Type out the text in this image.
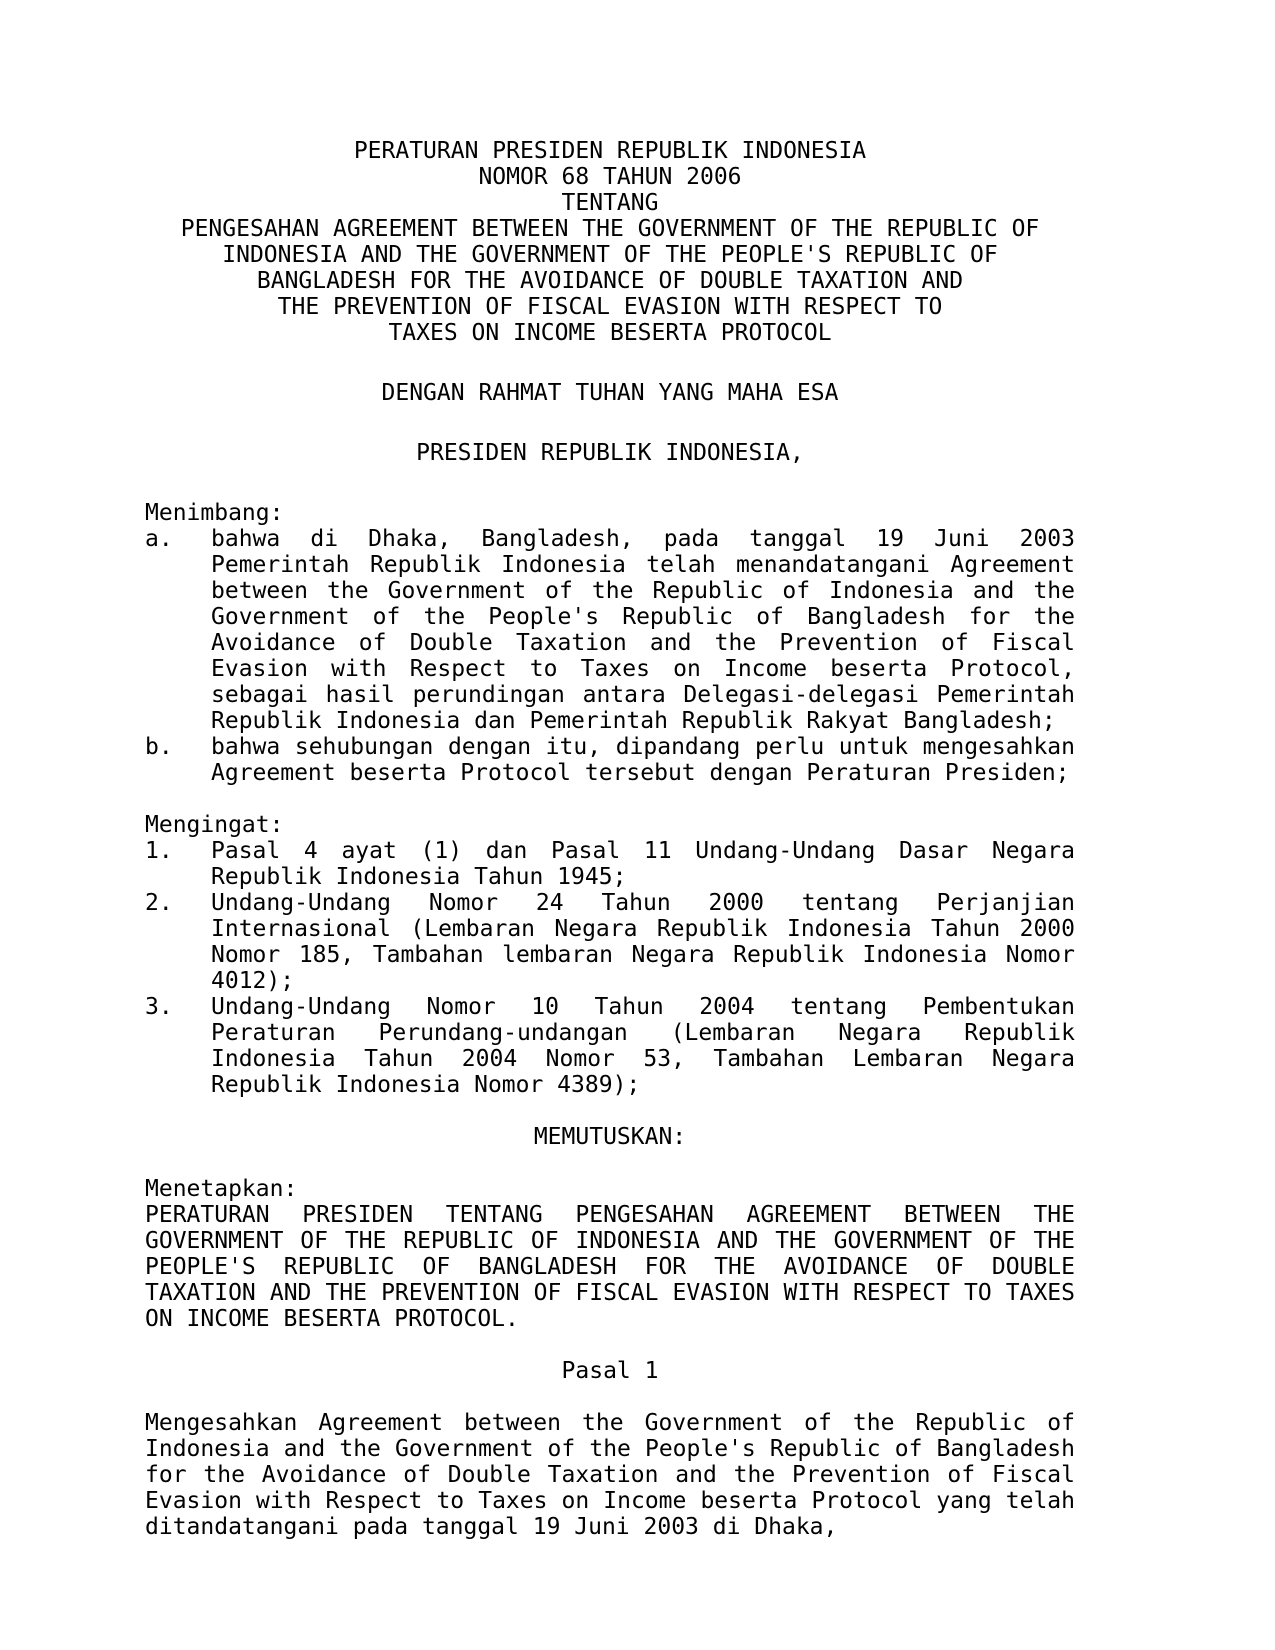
PERATURAN PRESIDEN REPUBLIK INDONESIA
NOMOR 68 TAHUN 2006
TENTANG
PENGESAHAN AGREEMENT BETWEEN THE GOVERNMENT OF THE REPUBLIC OF
INDONESIA AND THE GOVERNMENT OF THE PEOPLE'S REPUBLIC OF
BANGLADESH FOR THE AVOIDANCE OF DOUBLE TAXATION AND
THE PREVENTION OF FISCAL EVASION WITH RESPECT TO
TAXES ON INCOME BESERTA PROTOCOL
DENGAN RAHMAT TUHAN YANG MAHA ESA
PRESIDEN REPUBLIK INDONESIA,
Menimbang:
a.	bahwa di Dhaka, Bangladesh, pada tanggal 19 Juni 2003 Pemerintah Republik Indonesia telah menandatangani Agreement between the Government of the Republic of Indonesia and the Government of the People's Republic of Bangladesh for the Avoidance of Double Taxation and the Prevention of Fiscal Evasion with Respect to Taxes on Income beserta Protocol, sebagai hasil perundingan antara Delegasi-delegasi Pemerintah Republik Indonesia dan Pemerintah Republik Rakyat Bangladesh;
b.	bahwa sehubungan dengan itu, dipandang perlu untuk mengesahkan Agreement beserta Protocol tersebut dengan Peraturan Presiden;
Mengingat:
1.	Pasal 4 ayat (1) dan Pasal 11 Undang-Undang Dasar Negara Republik Indonesia Tahun 1945;
2.	Undang-Undang Nomor 24 Tahun 2000 tentang Perjanjian Internasional (Lembaran Negara Republik Indonesia Tahun 2000 Nomor 185, Tambahan lembaran Negara Republik Indonesia Nomor 4012);
3.	Undang-Undang Nomor 10 Tahun 2004 tentang Pembentukan Peraturan Perundang-undangan (Lembaran Negara Republik Indonesia Tahun 2004 Nomor 53, Tambahan Lembaran Negara Republik Indonesia Nomor 4389);
MEMUTUSKAN:
Menetapkan:
PERATURAN PRESIDEN TENTANG PENGESAHAN AGREEMENT BETWEEN THE GOVERNMENT OF THE REPUBLIC OF INDONESIA AND THE GOVERNMENT OF THE PEOPLE'S REPUBLIC OF BANGLADESH FOR THE AVOIDANCE OF DOUBLE TAXATION AND THE PREVENTION OF FISCAL EVASION WITH RESPECT TO TAXES ON INCOME BESERTA PROTOCOL.
Pasal 1
Mengesahkan Agreement between the Government of the Republic of Indonesia and the Government of the People's Republic of Bangladesh for the Avoidance of Double Taxation and the Prevention of Fiscal Evasion with Respect to Taxes on Income beserta Protocol yang telah ditandatangani pada tanggal 19 Juni 2003 di Dhaka,
